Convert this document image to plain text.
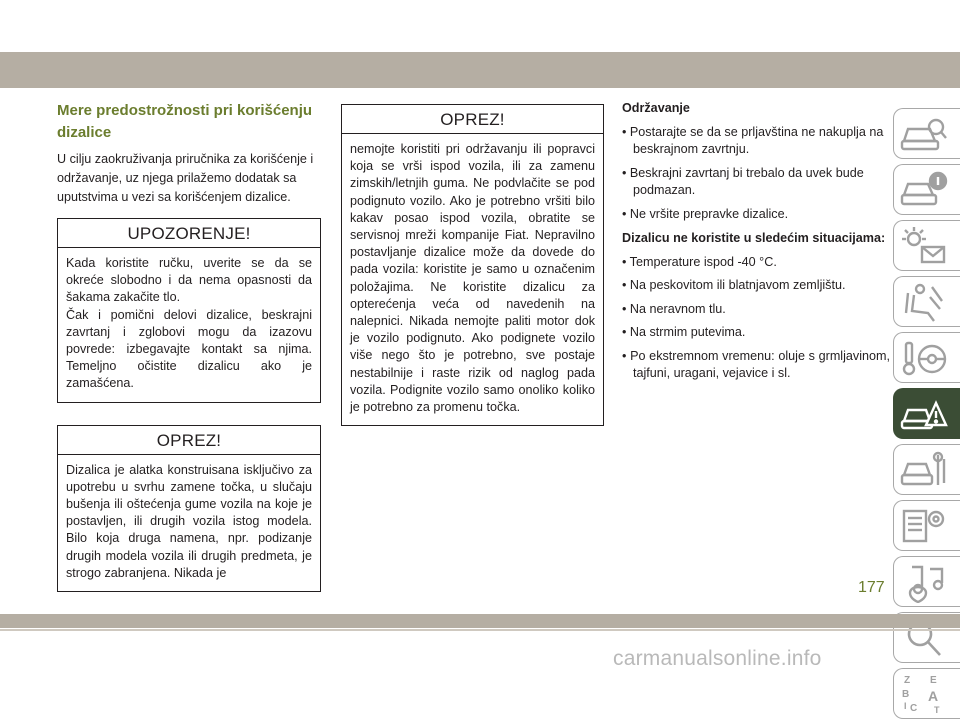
Mere predostrožnosti pri korišćenju
dizalice

U cilju zaokruživanja priručnika za korišćenje i održavanje, uz njega prilažemo dodatak sa uputstvima u vezi sa korišćenjem dizalice.

UPOZORENJE!

Kada koristite ručku, uverite se da se okreće slobodno i da nema opasnosti da šakama zakačite tlo.

Čak i pomični delovi dizalice, beskrajni zavrtanj i zglobovi mogu da izazovu povrede: izbegavajte kontakt sa njima. Temeljno očistite dizalicu ako je zamašćena.

OPREZ!

Dizalica je alatka konstruisana isključivo za upotrebu u svrhu zamene točka, u slučaju bušenja ili oštećenja gume vozila na koje je postavljen, ili drugih vozila istog modela. Bilo koja druga namena, npr. podizanje drugih modela vozila ili drugih predmeta, je strogo zabranjena. Nikada je

OPREZ!

nemojte koristiti pri održavanju ili popravci koja se vrši ispod vozila, ili za zamenu zimskih/letnjih guma. Ne podvlačite se pod podignuto vozilo. Ako je potrebno vršiti bilo kakav posao ispod vozila, obratite se servisnoj mreži kompanije Fiat. Nepravilno postavljanje dizalice može da dovede do pada vozila: koristite je samo u označenim položajima. Ne koristite dizalicu za opterećenja veća od navedenih na nalepnici. Nikada nemojte paliti motor dok je vozilo podignuto. Ako podignete vozilo više nego što je potrebno, sve postaje nestabilnije i raste rizik od naglog pada vozila. Podignite vozilo samo onoliko koliko je potrebno za promenu točka.

Održavanje

• Postarajte se da se prljavština ne nakuplja na beskrajnom zavrtnju.

• Beskrajni zavrtanj bi trebalo da uvek bude podmazan.

• Ne vršite prepravke dizalice.

Dizalicu ne koristite u sledećim situacijama:

• Temperature ispod -40 °C.

• Na peskovitom ili blatnjavom zemljištu.

• Na neravnom tlu.

• Na strmim putevima.

• Po ekstremnom vremenu: oluje s grmljavinom, tajfuni, uragani, vejavice i sl.

Z E
B A
C
I	T
177
carmanualsonline.info
